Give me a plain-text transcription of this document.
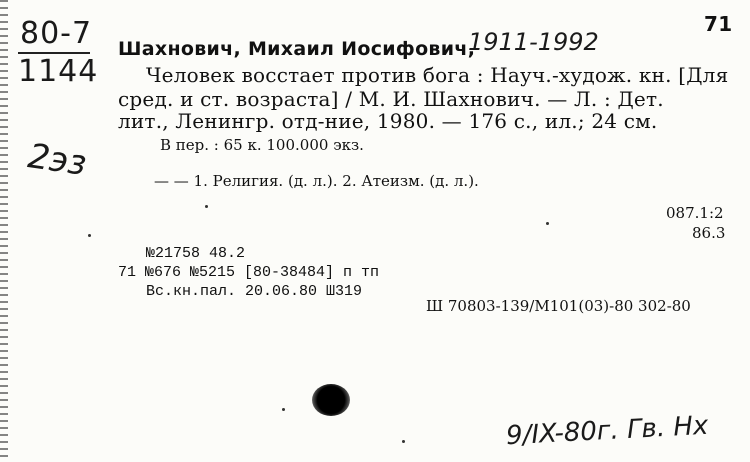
80-7
1144
2эз
71
Шахнович, Михаил Иосифович,
1911-1992
Человек восстает против бога : Науч.-худож. кн. [Для
сред. и ст. возраста] / М. И. Шахнович. — Л. : Дет.
лит., Ленингр. отд-ние, 1980. — 176 с., ил.; 24 см.
В пер. : 65 к. 100.000 экз.
— — 1. Религия. (д. л.). 2. Атеизм. (д. л.).
087.1:2
86.3
№21758 48.2
71 №676 №5215 [80-38484] п тп
Вс.кн.пал. 20.06.80 Ш319
Ш 70803-139/М101(03)-80 302-80
9/IX-80г. Гв. Нх
